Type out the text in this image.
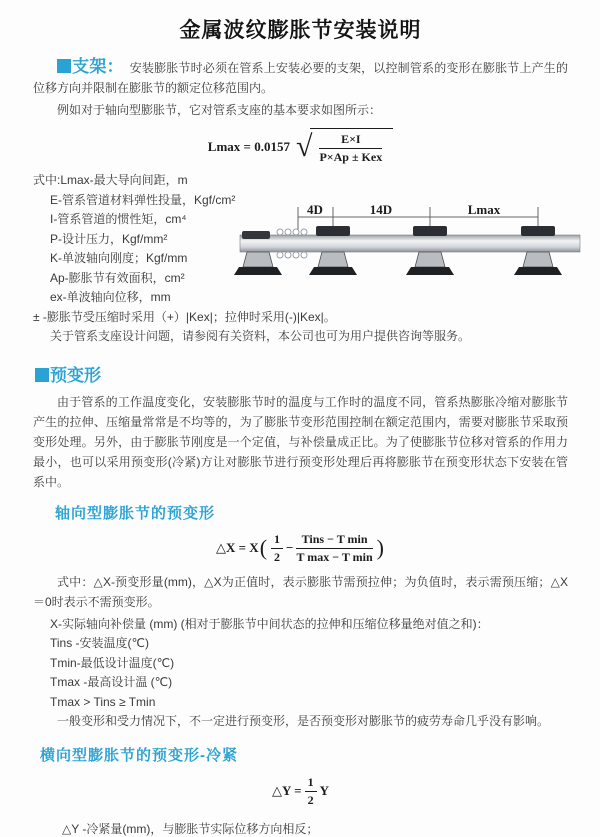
金属波纹膨胀节安装说明

支架： 安装膨胀节时必须在管系上安装必要的支架，以控制管系的变形在膨胀节上产生的位移方向并限制在膨胀节的额定位移范围内。

例如对于轴向型膨胀节，它对管系支座的基本要求如图所示：

Lmax = 0.0157 √ $\frac{E\times I}{\text{P×Ap ± Kex}}$
式中:Lmax-最大导向间距，m
E-管系管道材料弹性投量，Kgf/cm²
I-管系管道的惯性矩，cm⁴
P-设计压力，Kgf/mm²
K-单波轴向刚度；Kgf/mm
Ap-膨胀节有效面积，cm²
ex-单波轴向位移，mm
± -膨胀节受压缩时采用（+）|Kex|；拉伸时采用(-)|Kex|。
关于管系支座设计问题，请参阅有关资料，本公司也可为用户提供咨询等服务。
4D	14D	Lmax
预变形

由于管系的工作温度变化，安装膨胀节时的温度与工作时的温度不同，管系热膨胀冷缩对膨胀节产生的拉伸、压缩量常常是不均等的，为了膨胀节变形范围控制在额定范围内，需要对膨胀节采取预变形处理。另外，由于膨胀节刚度是一个定值，与补偿量成正比。为了使膨胀节位移对管系的作用力最小，也可以采用预变形(冷紧)方让对膨胀节进行预变形处理后再将膨胀节在预变形状态下安装在管系中。

轴向型膨胀节的预变形
△X = X ( $\frac{1}{2} - \frac{\text{Tins − T min}}{\text{T max − T min}}$ )

式中：△X-预变形量(mm)，△X为正值时，表示膨胀节需预拉伸；为负值时，表示需预压缩；△X＝0时表示不需预变形。

X-实际轴向补偿量 (mm) (相对于膨胀节中间状态的拉伸和压缩位移量绝对值之和)：
Tins -安装温度(℃)
Tmin-最低设计温度(℃)
Tmax -最高设计温 (℃)
Tmax > Tins ≥ Tmin
一般变形和受力情况下，不一定进行预变形，是否预变形对膨胀节的疲劳寿命几乎没有影响。
横向型膨胀节的预变形-冷紧
△Y = $\frac{1}{2}$ Y
△Y -冷紧量(mm)，与膨胀节实际位移方向相反；
